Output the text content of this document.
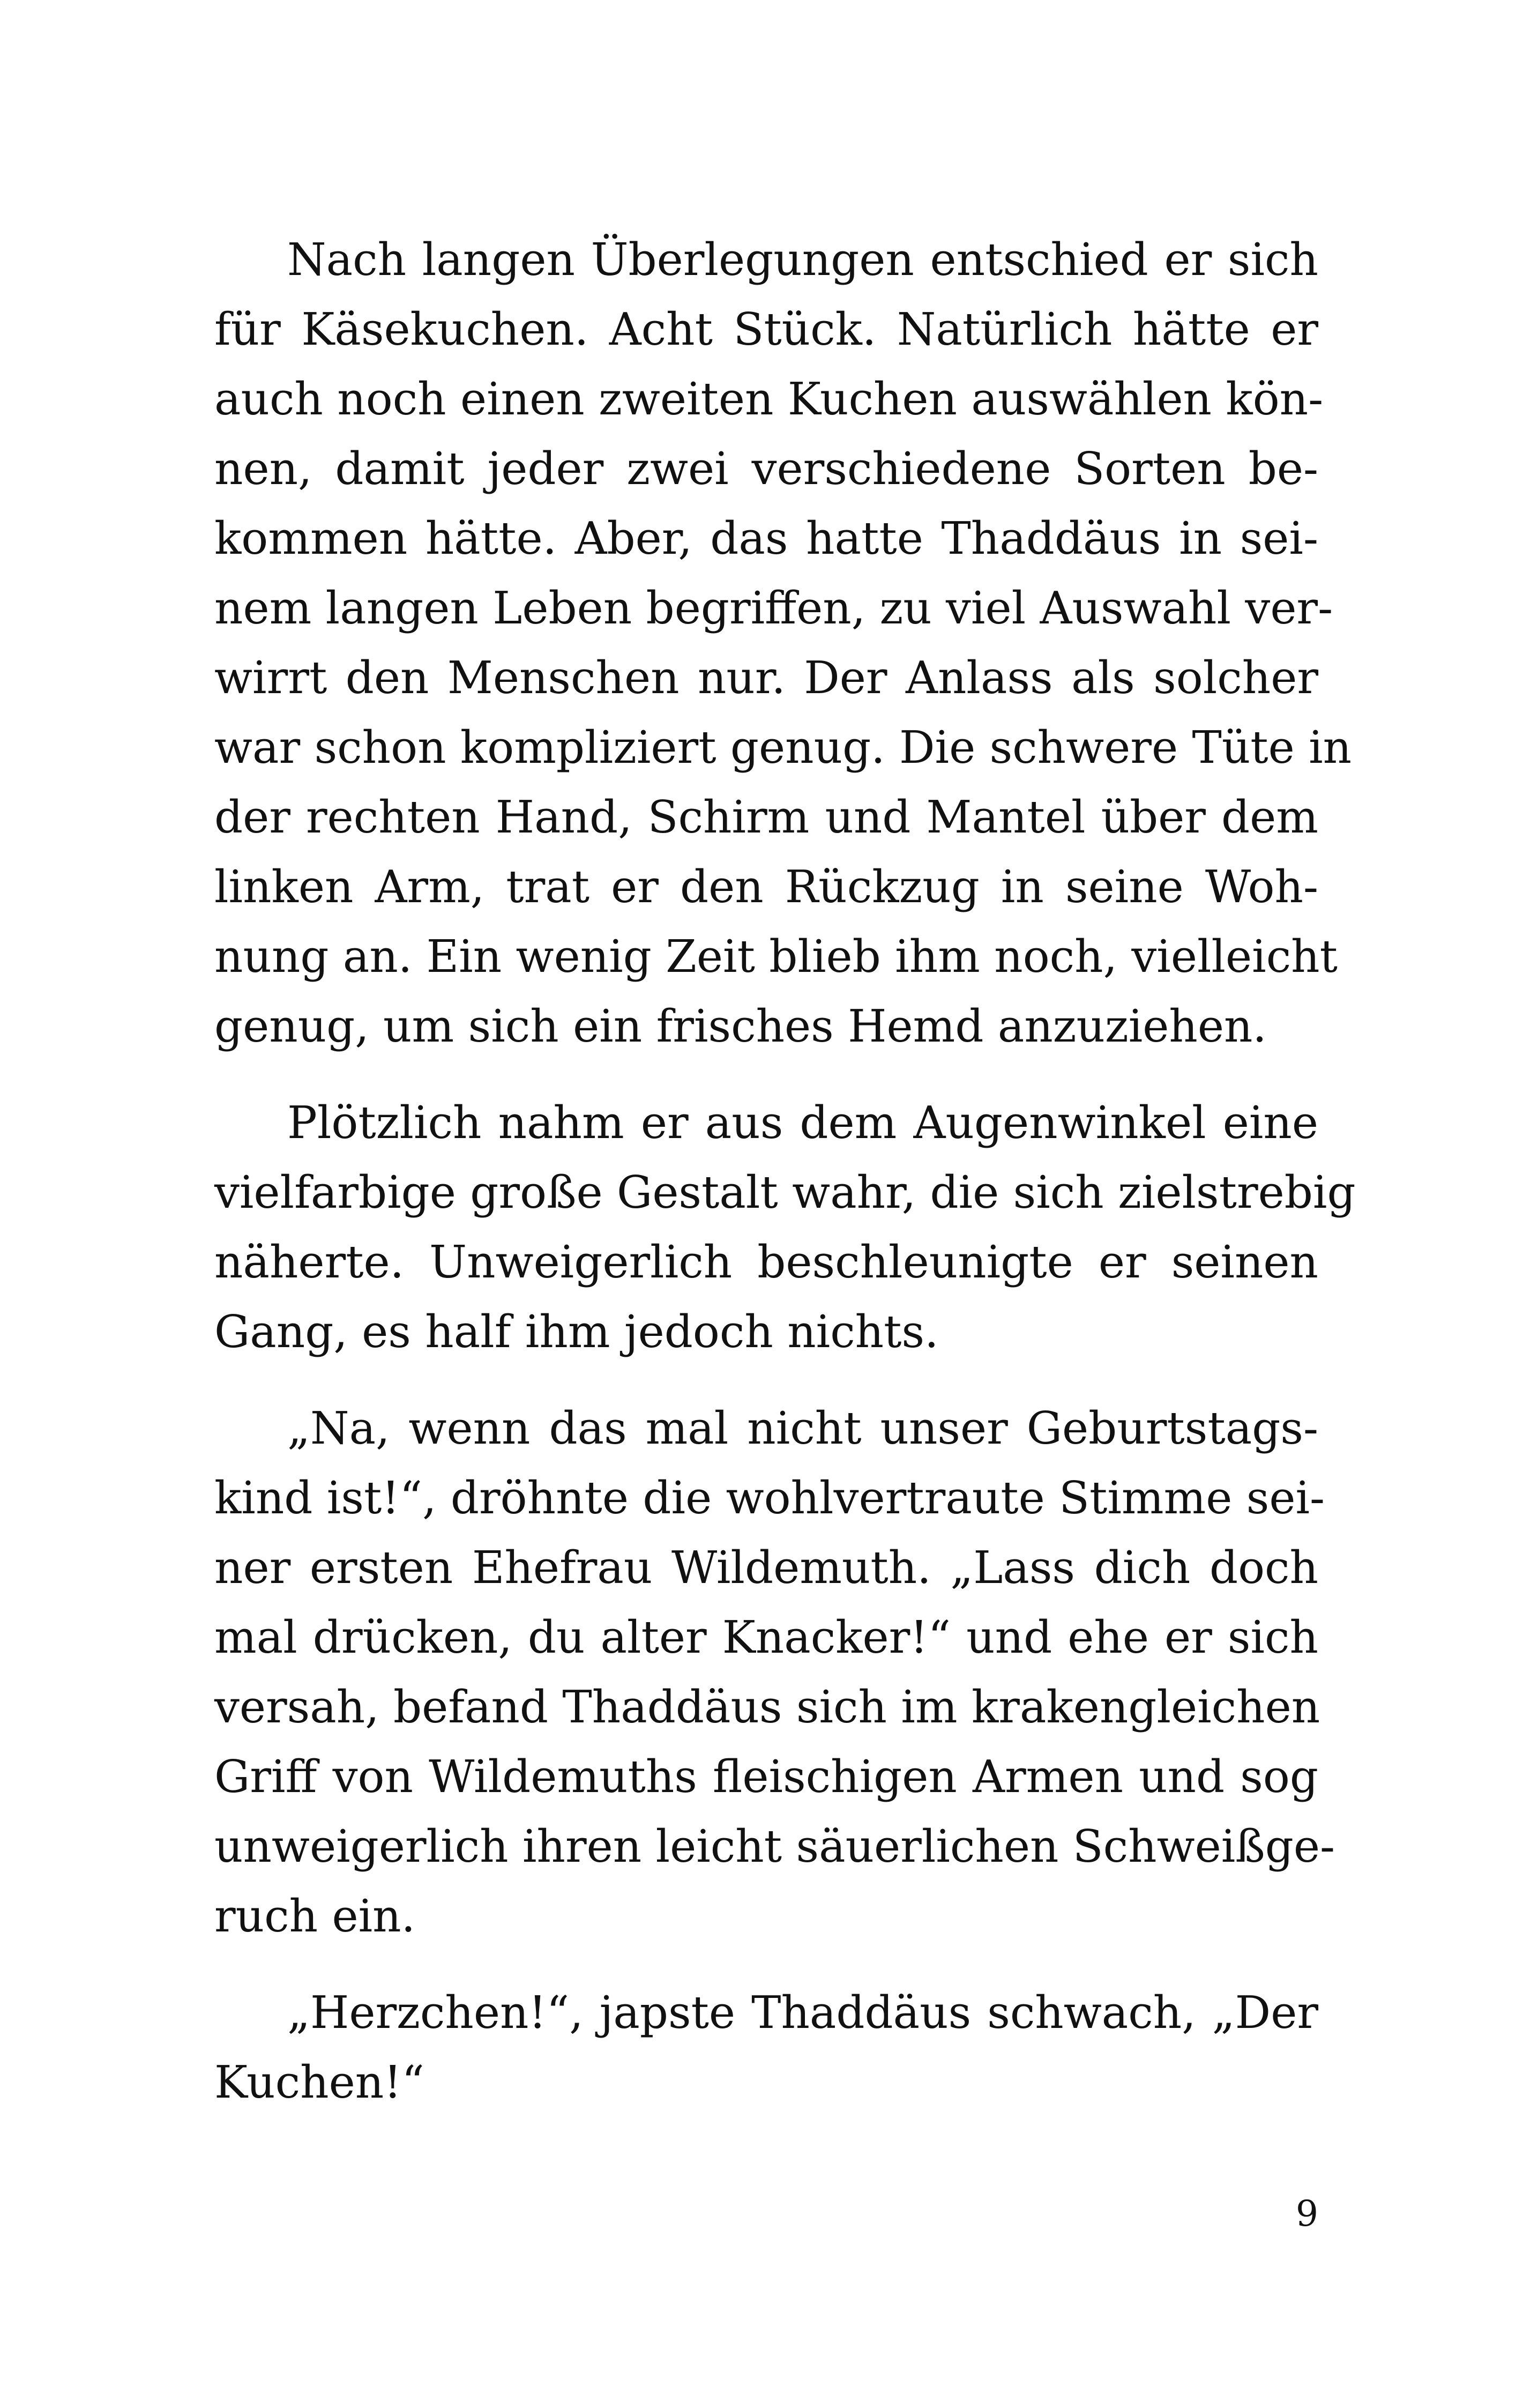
Nach langen Überlegungen entschied er sich
für Käsekuchen. Acht Stück. Natürlich hätte er
auch noch einen zweiten Kuchen auswählen kön-
nen, damit jeder zwei verschiedene Sorten be-
kommen hätte. Aber, das hatte Thaddäus in sei-
nem langen Leben begriffen, zu viel Auswahl ver-
wirrt den Menschen nur. Der Anlass als solcher
war schon kompliziert genug. Die schwere Tüte in
der rechten Hand, Schirm und Mantel über dem
linken Arm, trat er den Rückzug in seine Woh-
nung an. Ein wenig Zeit blieb ihm noch, vielleicht
genug, um sich ein frisches Hemd anzuziehen.
Plötzlich nahm er aus dem Augenwinkel eine
vielfarbige große Gestalt wahr, die sich zielstrebig
näherte. Unweigerlich beschleunigte er seinen
Gang, es half ihm jedoch nichts.
„Na, wenn das mal nicht unser Geburtstags-
kind ist!“, dröhnte die wohlvertraute Stimme sei-
ner ersten Ehefrau Wildemuth. „Lass dich doch
mal drücken, du alter Knacker!“ und ehe er sich
versah, befand Thaddäus sich im krakengleichen
Griff von Wildemuths fleischigen Armen und sog
unweigerlich ihren leicht säuerlichen Schweißge-
ruch ein.
„Herzchen!“, japste Thaddäus schwach, „Der
Kuchen!“
9
